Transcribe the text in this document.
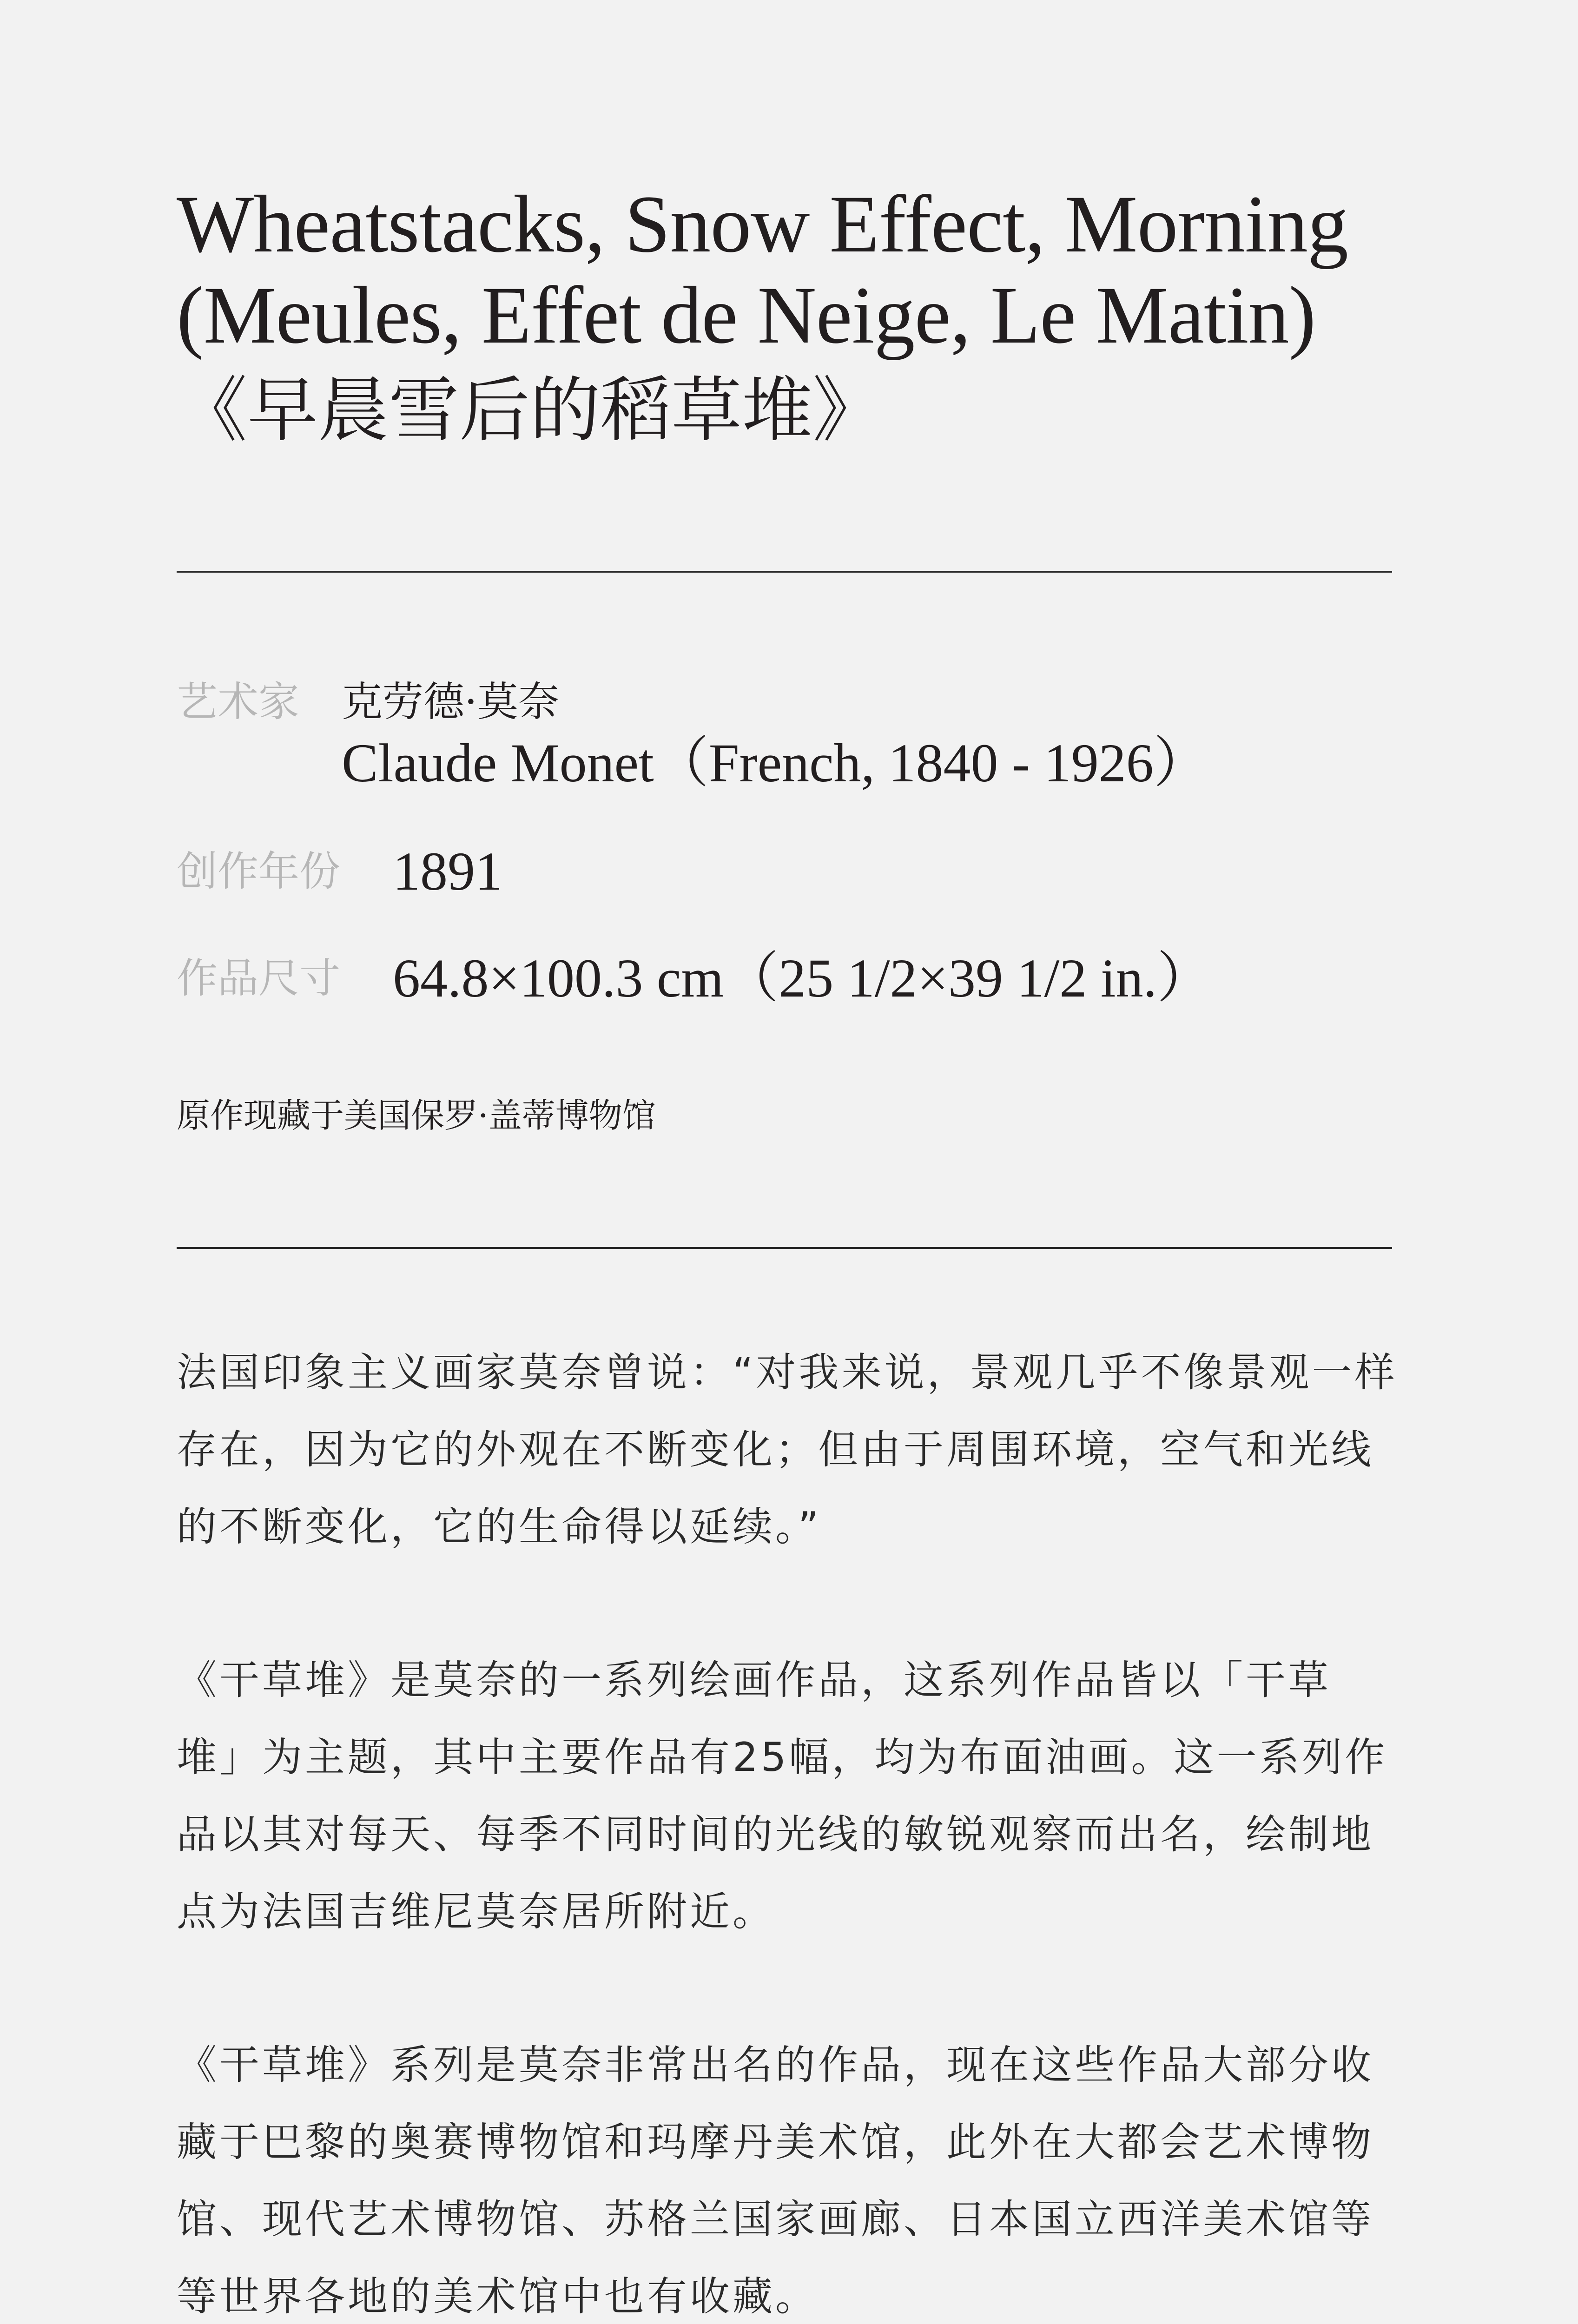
Wheatstacks, Snow Effect, Morning
(Meules, Effet de Neige, Le Matin)
《早晨雪后的稻草堆》
艺术家 克劳德·莫奈
Claude Monet（French, 1840 - 1926）
创作年份 1891
作品尺寸 64.8×100.3 cm（25 1/2×39 1/2 in.）
原作现藏于美国保罗·盖蒂博物馆
法国印象主义画家莫奈曾说：“对我来说，景观几乎不像景观一样
存在，因为它的外观在不断变化；但由于周围环境，空气和光线
的不断变化，它的生命得以延续。”
《干草堆》是莫奈的一系列绘画作品，这系列作品皆以「干草
堆」为主题，其中主要作品有25幅，均为布面油画。这一系列作
品以其对每天、每季不同时间的光线的敏锐观察而出名，绘制地
点为法国吉维尼莫奈居所附近。
《干草堆》系列是莫奈非常出名的作品，现在这些作品大部分收
藏于巴黎的奥赛博物馆和玛摩丹美术馆，此外在大都会艺术博物
馆、现代艺术博物馆、苏格兰国家画廊、日本国立西洋美术馆等
等世界各地的美术馆中也有收藏。
